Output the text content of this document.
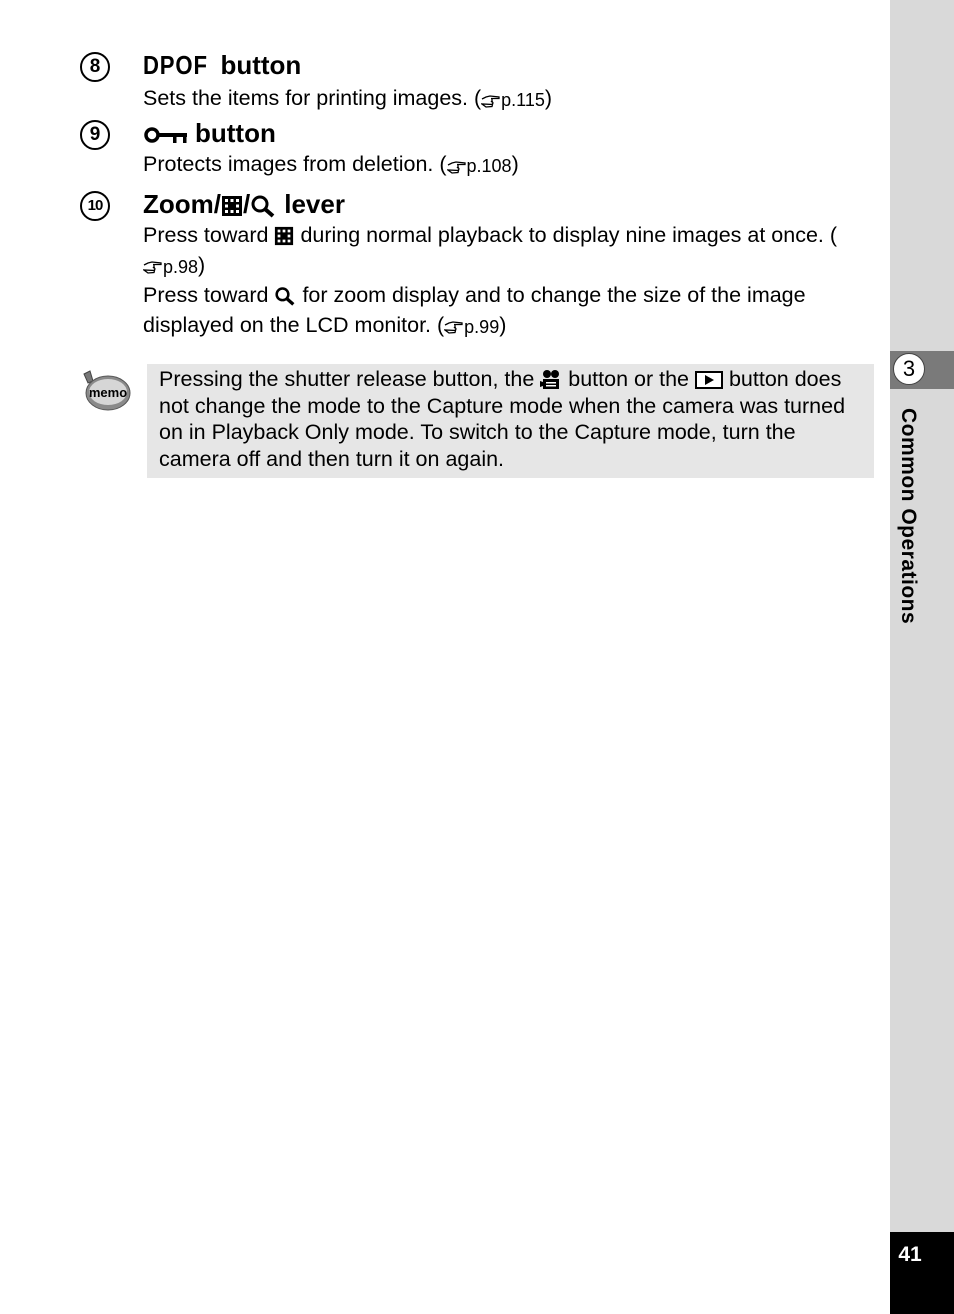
8	DPOF button
Sets the items for printing images. ( p.115)
9	button
Protects images from deletion. ( p.108)
10 Zoom/ / lever
Press toward during normal playback to display nine images at once. (p.98)
Press toward for zoom display and to change the size of the image displayed on the LCD monitor. ( p.99)
memo
Pressing the shutter release button, the button or the button does not change the mode to the Capture mode when the camera was turned on in Playback Only mode. To switch to the Capture mode, turn the camera off and then turn it on again.
3
Common Operations
41
